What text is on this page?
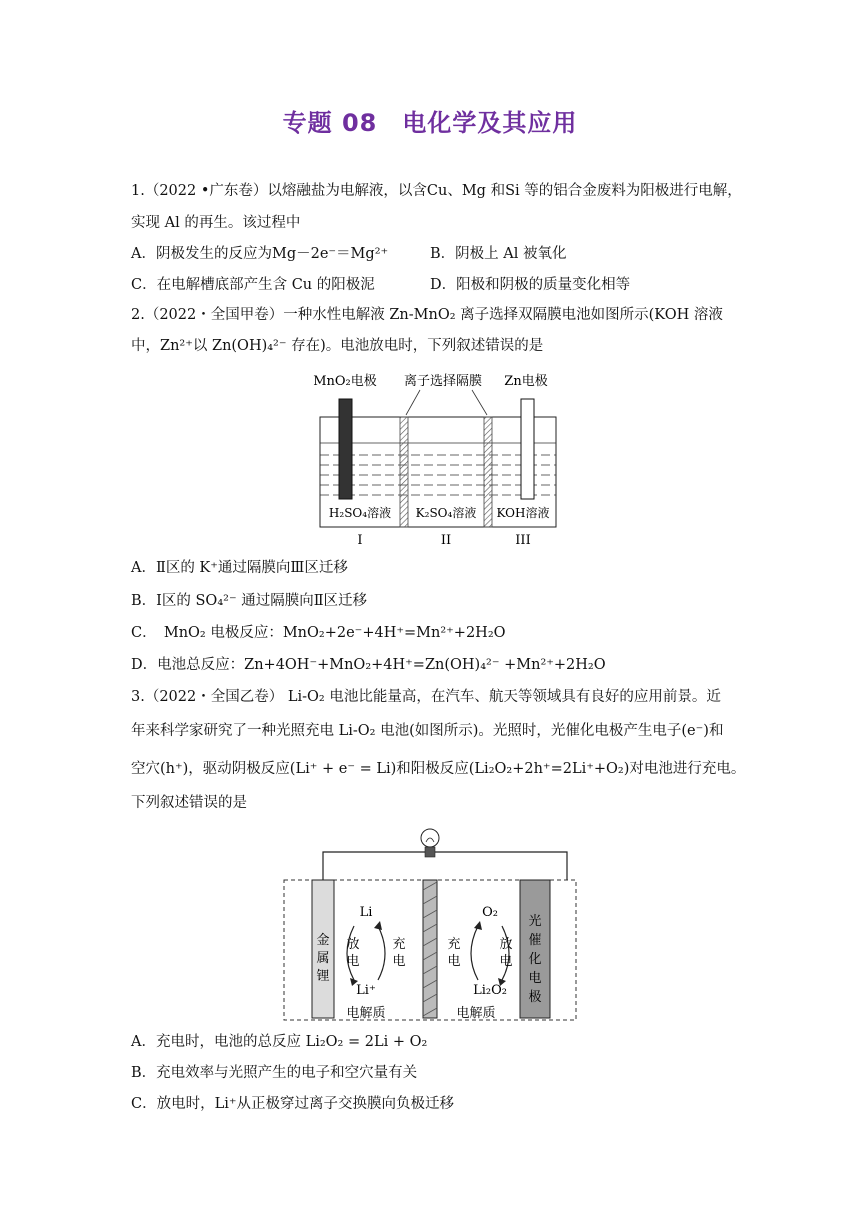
专题 08　电化学及其应用
1.（2022 •广东卷）以熔融盐为电解液，以含Cu、Mg 和Si 等的铝合金废料为阳极进行电解，
实现 Al 的再生。该过程中
A．阴极发生的反应为Mg－2e⁻＝Mg²⁺	B．阴极上 Al 被氧化
C．在电解槽底部产生含 Cu 的阳极泥	D．阳极和阴极的质量变化相等
2.（2022・全国甲卷）一种水性电解液 Zn-MnO₂ 离子选择双隔膜电池如图所示(KOH 溶液
中，Zn²⁺以 Zn(OH)₄²⁻ 存在)。电池放电时，下列叙述错误的是
MnO₂电极 离子选择隔膜 Zn电极
H₂SO₄溶液 K₂SO₄溶液 KOH溶液
I	II	III
A．Ⅱ区的 K⁺通过隔膜向Ⅲ区迁移
B．Ⅰ区的 SO₄²⁻ 通过隔膜向Ⅱ区迁移
C．　MnO₂ 电极反应：MnO₂+2e⁻+4H⁺=Mn²⁺+2H₂O
D．电池总反应：Zn+4OH⁻+MnO₂+4H⁺=Zn(OH)₄²⁻ +Mn²⁺+2H₂O
3.（2022・全国乙卷） Li-O₂ 电池比能量高，在汽车、航天等领域具有良好的应用前景。近
年来科学家研究了一种光照充电 Li-O₂ 电池(如图所示)。光照时，光催化电极产生电子(e⁻)和
空穴(h⁺)，驱动阴极反应(Li⁺ + e⁻ = Li)和阳极反应(Li₂O₂+2h⁺=2Li⁺+O₂)对电池进行充电。
下列叙述错误的是
金
属
锂
光
催
化
电
极
Li
Li⁺
放
电
充
电
电解质
O₂
Li₂O₂
充
电
放
电
电解质
A．充电时，电池的总反应 Li₂O₂ = 2Li + O₂
B．充电效率与光照产生的电子和空穴量有关
C．放电时，Li⁺从正极穿过离子交换膜向负极迁移
